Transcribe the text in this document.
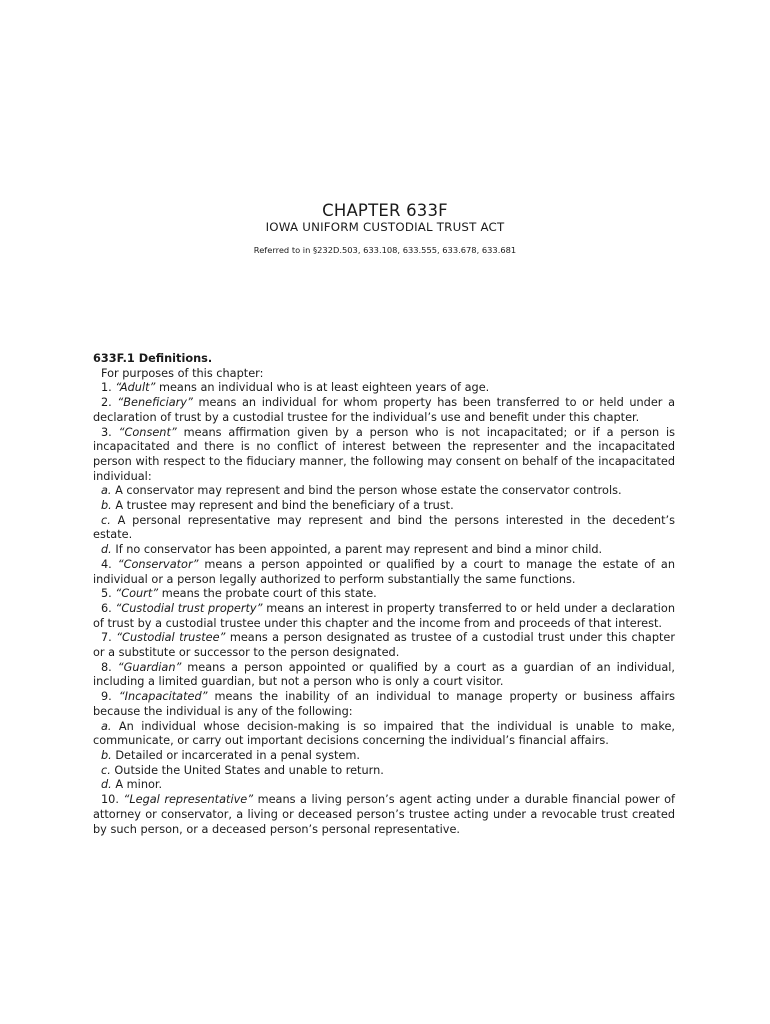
CHAPTER 633F
IOWA UNIFORM CUSTODIAL TRUST ACT
Referred to in §232D.503, 633.108, 633.555, 633.678, 633.681

633F.1 Definitions.

For purposes of this chapter:

1. “Adult” means an individual who is at least eighteen years of age.

2. “Beneficiary” means an individual for whom property has been transferred to or held under a declaration of trust by a custodial trustee for the individual’s use and benefit under this chapter.

3. “Consent” means affirmation given by a person who is not incapacitated; or if a person is incapacitated and there is no conflict of interest between the representer and the incapacitated person with respect to the fiduciary manner, the following may consent on behalf of the incapacitated individual:

a. A conservator may represent and bind the person whose estate the conservator controls.

b. A trustee may represent and bind the beneficiary of a trust.

c. A personal representative may represent and bind the persons interested in the decedent’s estate.

d. If no conservator has been appointed, a parent may represent and bind a minor child.

4. “Conservator” means a person appointed or qualified by a court to manage the estate of an individual or a person legally authorized to perform substantially the same functions.

5. “Court” means the probate court of this state.

6. “Custodial trust property” means an interest in property transferred to or held under a declaration of trust by a custodial trustee under this chapter and the income from and proceeds of that interest.

7. “Custodial trustee” means a person designated as trustee of a custodial trust under this chapter or a substitute or successor to the person designated.

8. “Guardian” means a person appointed or qualified by a court as a guardian of an individual, including a limited guardian, but not a person who is only a court visitor.

9. “Incapacitated” means the inability of an individual to manage property or business affairs because the individual is any of the following:

a. An individual whose decision-making is so impaired that the individual is unable to make, communicate, or carry out important decisions concerning the individual’s financial affairs.

b. Detailed or incarcerated in a penal system.

c. Outside the United States and unable to return.

d. A minor.

10. “Legal representative” means a living person’s agent acting under a durable financial power of attorney or conservator, a living or deceased person’s trustee acting under a revocable trust created by such person, or a deceased person’s personal representative.
